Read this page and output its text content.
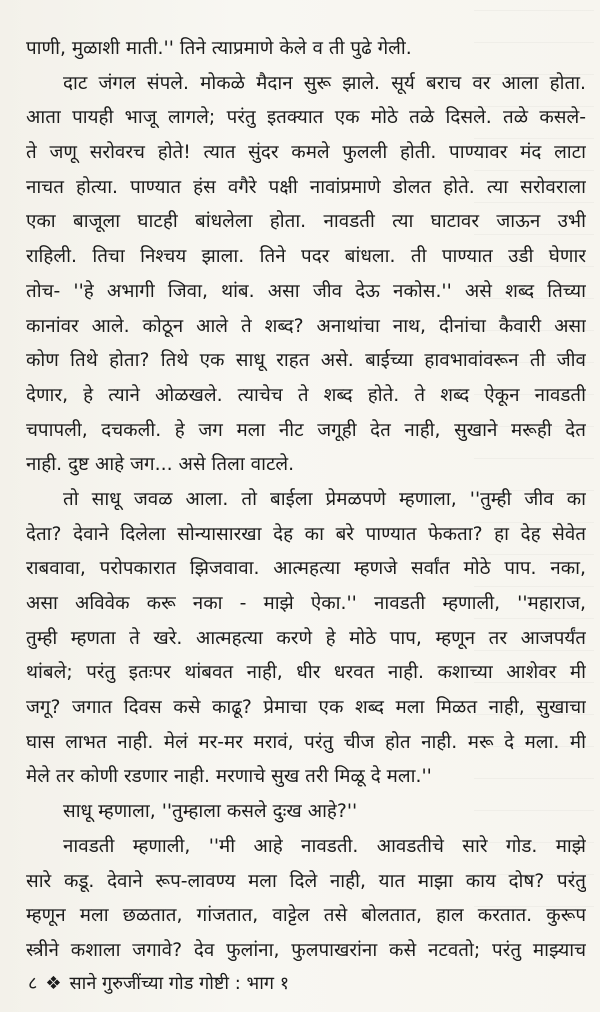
पाणी, मुळाशी माती.'' तिने त्याप्रमाणे केले व ती पुढे गेली.
दाट जंगल संपले. मोकळे मैदान सुरू झाले. सूर्य बराच वर आला होता.
आता पायही भाजू लागले; परंतु इतक्यात एक मोठे तळे दिसले. तळे कसले-
ते जणू सरोवरच होते! त्यात सुंदर कमले फुलली होती. पाण्यावर मंद लाटा
नाचत होत्या. पाण्यात हंस वगैरे पक्षी नावांप्रमाणे डोलत होते. त्या सरोवराला
एका बाजूला घाटही बांधलेला होता. नावडती त्या घाटावर जाऊन उभी
राहिली. तिचा निश्चय झाला. तिने पदर बांधला. ती पाण्यात उडी घेणार
तोच- ''हे अभागी जिवा, थांब. असा जीव देऊ नकोस.'' असे शब्द तिच्या
कानांवर आले. कोठून आले ते शब्द? अनाथांचा नाथ, दीनांचा कैवारी असा
कोण तिथे होता? तिथे एक साधू राहत असे. बाईच्या हावभावांवरून ती जीव
देणार, हे त्याने ओळखले. त्याचेच ते शब्द होते. ते शब्द ऐकून नावडती
चपापली, दचकली. हे जग मला नीट जगूही देत नाही, सुखाने मरूही देत
नाही. दुष्ट आहे जग... असे तिला वाटले.
तो साधू जवळ आला. तो बाईला प्रेमळपणे म्हणाला, ''तुम्ही जीव का
देता? देवाने दिलेला सोन्यासारखा देह का बरे पाण्यात फेकता? हा देह सेवेत
राबवावा, परोपकारात झिजवावा. आत्महत्या म्हणजे सर्वांत मोठे पाप. नका,
असा अविवेक करू नका - माझे ऐका.'' नावडती म्हणाली, ''महाराज,
तुम्ही म्हणता ते खरे. आत्महत्या करणे हे मोठे पाप, म्हणून तर आजपर्यंत
थांबले; परंतु इतःपर थांबवत नाही, धीर धरवत नाही. कशाच्या आशेवर मी
जगू? जगात दिवस कसे काढू? प्रेमाचा एक शब्द मला मिळत नाही, सुखाचा
घास लाभत नाही. मेलं मर-मर मरावं, परंतु चीज होत नाही. मरू दे मला. मी
मेले तर कोणी रडणार नाही. मरणाचे सुख तरी मिळू दे मला.''
साधू म्हणाला, ''तुम्हाला कसले दुःख आहे?''
नावडती म्हणाली, ''मी आहे नावडती. आवडतीचे सारे गोड. माझे
सारे कडू. देवाने रूप-लावण्य मला दिले नाही, यात माझा काय दोष? परंतु
म्हणून मला छळतात, गांजतात, वाट्टेल तसे बोलतात, हाल करतात. कुरूप
स्त्रीने कशाला जगावे? देव फुलांना, फुलपाखरांना कसे नटवतो; परंतु माझ्याच
८ ❖ साने गुरुजींच्या गोड गोष्टी : भाग १
